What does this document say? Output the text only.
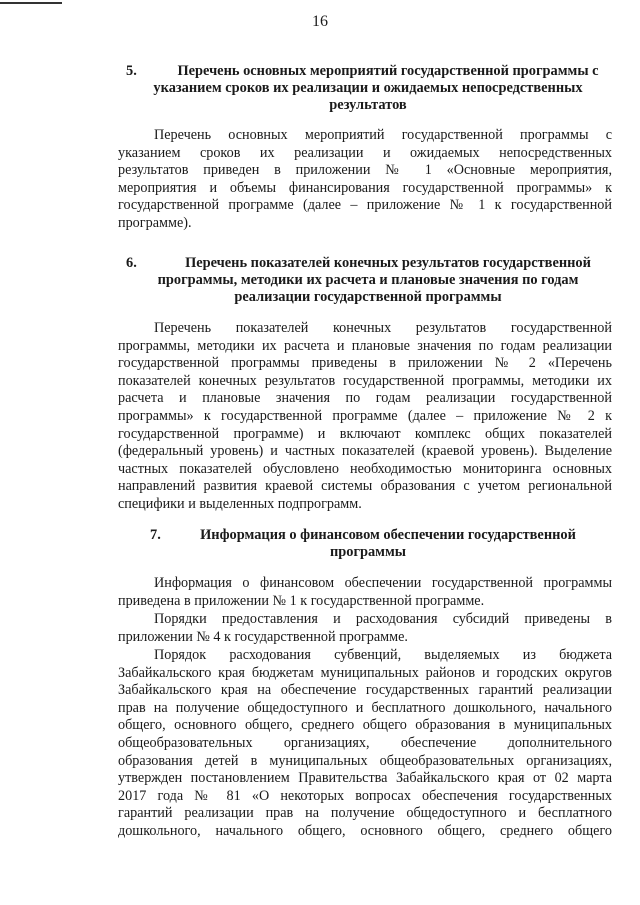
16
5.	Перечень основных мероприятий государственной программы с
указанием сроков их реализации и ожидаемых непосредственных
результатов

Перечень основных мероприятий государственной программы с
указанием сроков их реализации и ожидаемых непосредственных
результатов приведен в приложении № 1 «Основные мероприятия,
мероприятия и объемы финансирования государственной программы» к
государственной программе (далее – приложение № 1 к государственной
программе).

6.	Перечень показателей конечных результатов государственной
программы, методики их расчета и плановые значения по годам
реализации государственной программы

Перечень показателей конечных результатов государственной
программы, методики их расчета и плановые значения по годам реализации
государственной программы приведены в приложении № 2 «Перечень
показателей конечных результатов государственной программы, методики их
расчета и плановые значения по годам реализации государственной
программы» к государственной программе (далее – приложение № 2 к
государственной программе) и включают комплекс общих показателей
(федеральный уровень) и частных показателей (краевой уровень). Выделение
частных показателей обусловлено необходимостью мониторинга основных
направлений развития краевой системы образования с учетом региональной
специфики и выделенных подпрограмм.

7.	Информация о финансовом обеспечении государственной
программы

Информация о финансовом обеспечении государственной программы
приведена в приложении № 1 к государственной программе.

Порядки предоставления и расходования субсидий приведены в
приложении № 4 к государственной программе.

Порядок расходования субвенций, выделяемых из бюджета
Забайкальского края бюджетам муниципальных районов и городских округов
Забайкальского края на обеспечение государственных гарантий реализации
прав на получение общедоступного и бесплатного дошкольного, начального
общего, основного общего, среднего общего образования в муниципальных
общеобразовательных организациях, обеспечение дополнительного
образования детей в муниципальных общеобразовательных организациях,
утвержден постановлением Правительства Забайкальского края от 02 марта
2017 года № 81 «О некоторых вопросах обеспечения государственных
гарантий реализации прав на получение общедоступного и бесплатного
дошкольного, начального общего, основного общего, среднего общего
